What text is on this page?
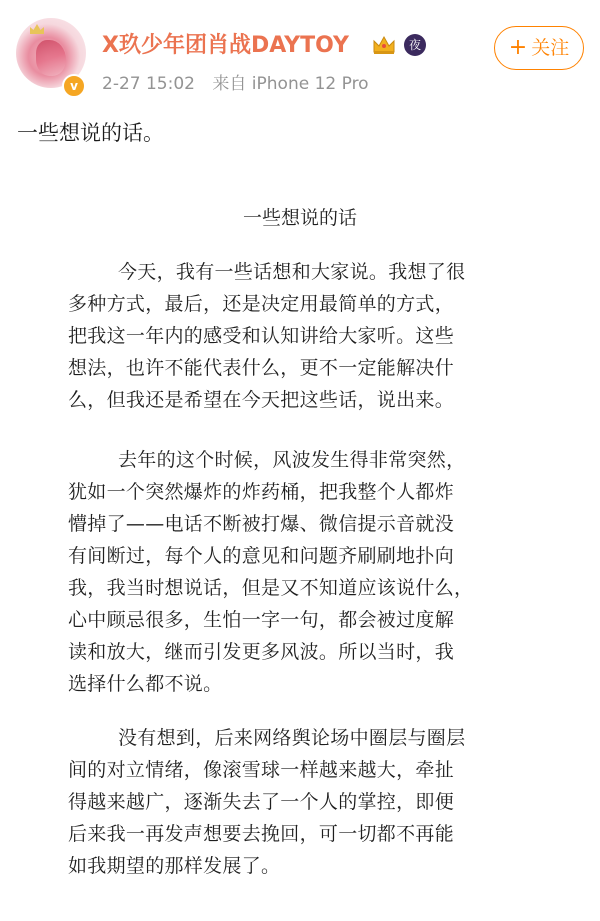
v
X玖少年团肖战DAYTOY	夜
2-27 15:02 来自 iPhone 12 Pro
+ 关注
一些想说的话。
一些想说的话
今天，我有一些话想和大家说。我想了很
多种方式，最后，还是决定用最简单的方式，
把我这一年内的感受和认知讲给大家听。这些
想法，也许不能代表什么，更不一定能解决什
么，但我还是希望在今天把这些话，说出来。
去年的这个时候，风波发生得非常突然，
犹如一个突然爆炸的炸药桶，把我整个人都炸
懵掉了——电话不断被打爆、微信提示音就没
有间断过，每个人的意见和问题齐刷刷地扑向
我，我当时想说话，但是又不知道应该说什么，
心中顾忌很多，生怕一字一句，都会被过度解
读和放大，继而引发更多风波。所以当时，我
选择什么都不说。
没有想到，后来网络舆论场中圈层与圈层
间的对立情绪，像滚雪球一样越来越大，牵扯
得越来越广，逐渐失去了一个人的掌控，即便
后来我一再发声想要去挽回，可一切都不再能
如我期望的那样发展了。
